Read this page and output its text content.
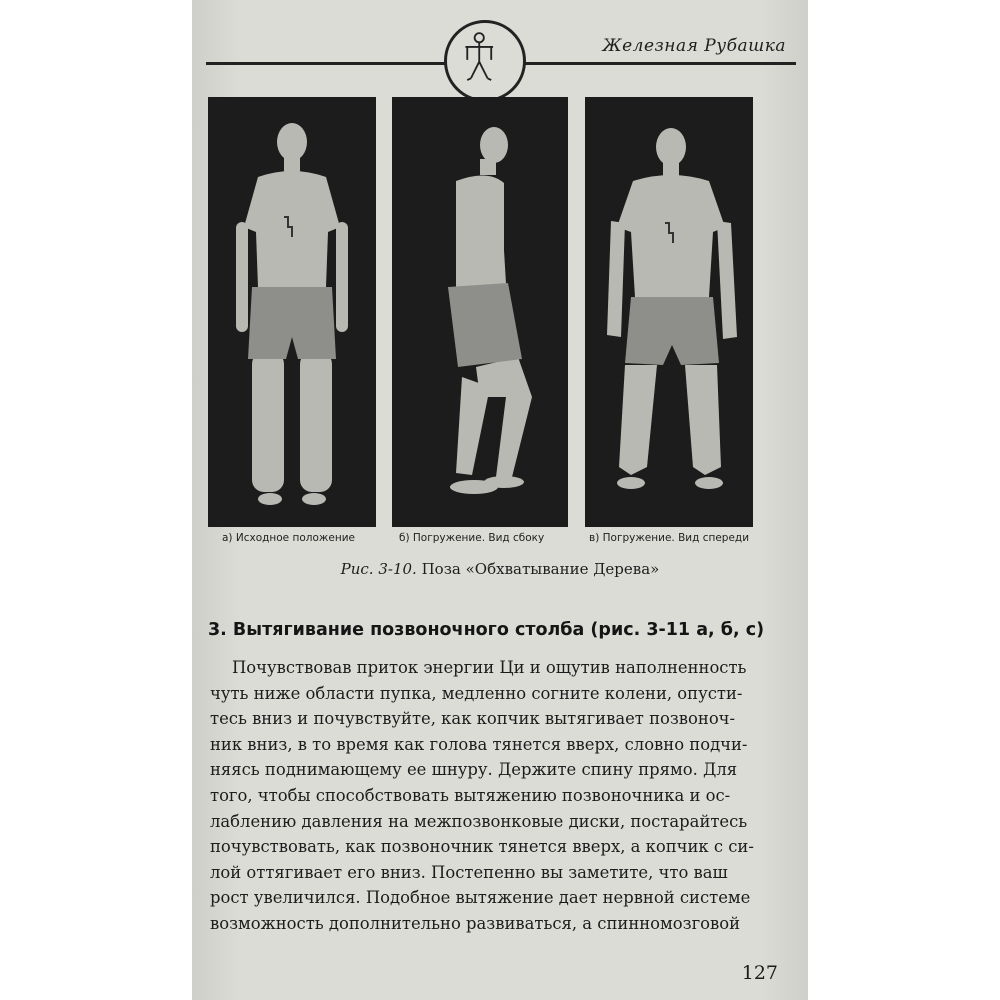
Железная Рубашка
а) Исходное положение	б) Погружение. Вид сбоку	в) Погружение. Вид спереди
Рис. 3-10. Поза «Обхватывание Дерева»
3. Вытягивание позвоночного столба (рис. 3-11 а, б, с)
Почувствовав приток энергии Ци и ощутив наполненность
чуть ниже области пупка, медленно согните колени, опусти-
тесь вниз и почувствуйте, как копчик вытягивает позвоноч-
ник вниз, в то время как голова тянется вверх, словно подчи-
няясь поднимающему ее шнуру. Держите спину прямо. Для
того, чтобы способствовать вытяжению позвоночника и ос-
лаблению давления на межпозвонковые диски, постарайтесь
почувствовать, как позвоночник тянется вверх, а копчик с си-
лой оттягивает его вниз. Постепенно вы заметите, что ваш
рост увеличился. Подобное вытяжение дает нервной системе
возможность дополнительно развиваться, а спинномозговой
127
